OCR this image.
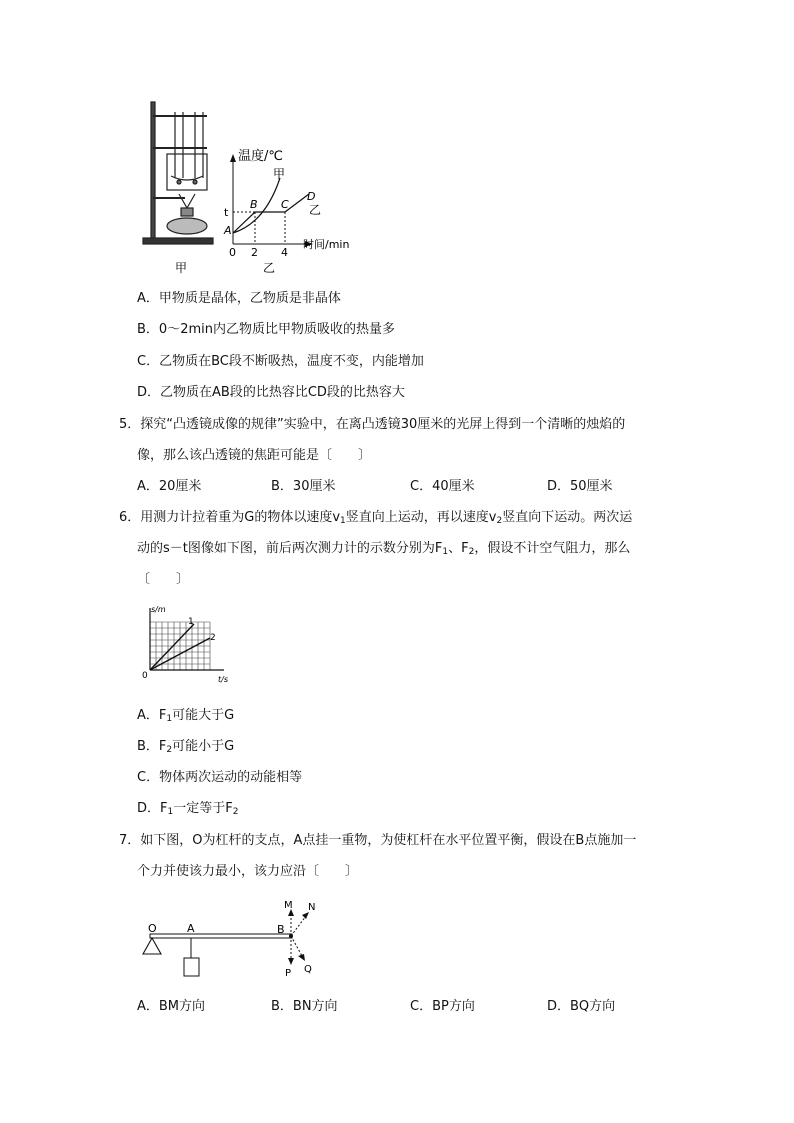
温度/℃
甲
D
乙
B C
t
A
0 2 4
时间/min
甲	乙
A．甲物质是晶体，乙物质是非晶体
B．0～2min内乙物质比甲物质吸收的热量多
C．乙物质在BC段不断吸热，温度不变，内能增加
D．乙物质在AB段的比热容比CD段的比热容大
5．探究“凸透镜成像的规律”实验中，在离凸透镜30厘米的光屏上得到一个清晰的烛焰的
像，那么该凸透镜的焦距可能是〔　　〕
A．20厘米	B．30厘米	C．40厘米	D．50厘米
6．用测力计拉着重为G的物体以速度$v_1$竖直向上运动，再以速度$v_2$竖直向下运动。两次运
动的s－t图像如下图，前后两次测力计的示数分别为$F_1$、$F_2$，假设不计空气阻力，那么
〔　　〕
s/m
t/s
0
1
2
A．$F_1$可能大于G
B．$F_2$可能小于G
C．物体两次运动的动能相等
D．$F_1$一定等于$F_2$
7．如下图，O为杠杆的支点，A点挂一重物，为使杠杆在水平位置平衡，假设在B点施加一
个力并使该力最小，该力应沿〔　　〕
O	A	B
M N
P Q
A．BM方向	B．BN方向	C．BP方向	D．BQ方向
